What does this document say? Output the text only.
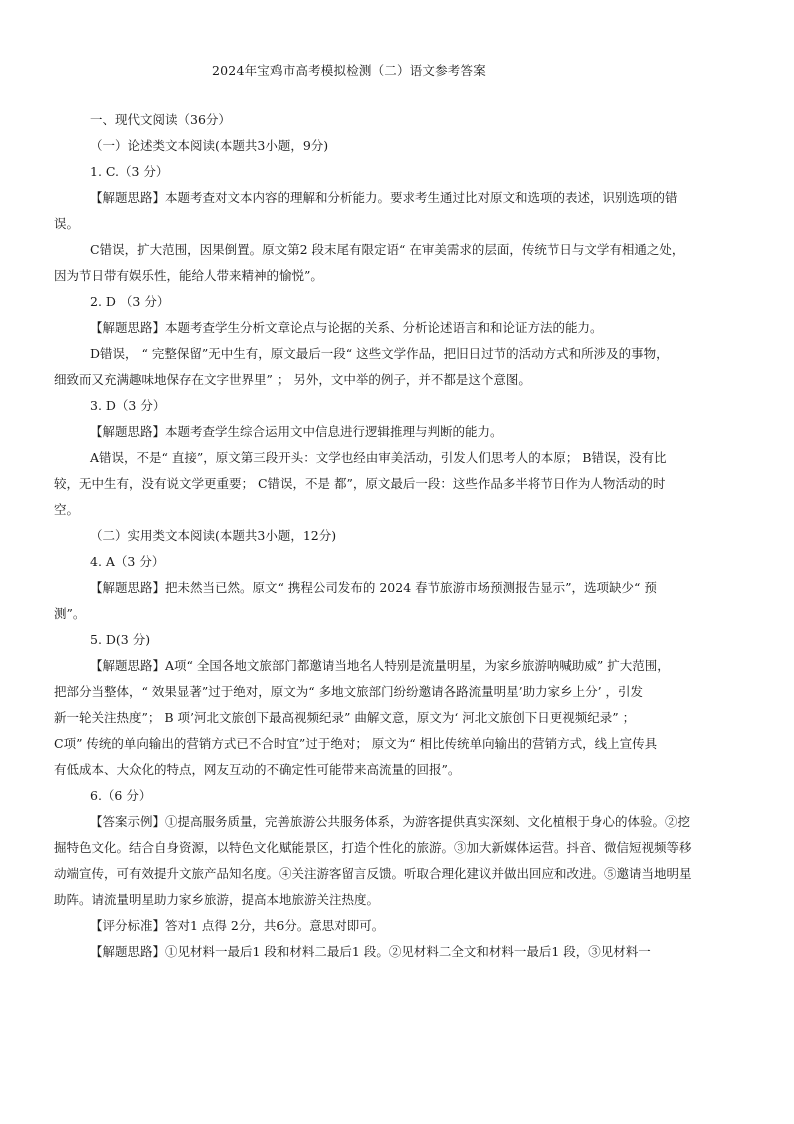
2024年宝鸡市高考模拟检测（二）语文参考答案
一、现代文阅读（36分）
（一）论述类文本阅读(本题共3小题，9分)
1. C.（3 分）
【解题思路】本题考查对文本内容的理解和分析能力。要求考生通过比对原文和选项的表述，识别选项的错
误。
C错误，扩大范围，因果倒置。原文第2 段末尾有限定语“ 在审美需求的层面，传统节日与文学有相通之处，
因为节日带有娱乐性，能给人带来精神的愉悦”。
2. D （3 分）
【解题思路】本题考查学生分析文章论点与论据的关系、分析论述语言和和论证方法的能力。
D错误， “ 完整保留”无中生有，原文最后一段“ 这些文学作品，把旧日过节的活动方式和所涉及的事物，
细致而又充满趣味地保存在文字世界里” ； 另外，文中举的例子，并不都是这个意图。
3. D（3 分）
【解题思路】本题考查学生综合运用文中信息进行逻辑推理与判断的能力。
A错误，不是“ 直接”，原文第三段开头：文学也经由审美活动，引发人们思考人的本原； B错误，没有比
较，无中生有，没有说文学更重要； C错误，不是 都”，原文最后一段：这些作品多半将节日作为人物活动的时
空。
（二）实用类文本阅读(本题共3小题，12分)
4. A（3 分）
【解题思路】把未然当已然。原文“ 携程公司发布的 2024 春节旅游市场预测报告显示”，选项缺少“ 预
测”。
5. D(3 分)
【解题思路】A项“ 全国各地文旅部门都邀请当地名人特别是流量明星，为家乡旅游呐喊助威” 扩大范围，
把部分当整体，“ 效果显著”过于绝对，原文为“ 多地文旅部门纷纷邀请各路流量明星’助力家乡上分’ ，引发
新一轮关注热度”； B 项’河北文旅创下最高视频纪录” 曲解文意，原文为‘ 河北文旅创下日更视频纪录” ；
C项” 传统的单向输出的营销方式已不合时宜”过于绝对； 原文为“ 相比传统单向输出的营销方式，线上宣传具
有低成本、大众化的特点，网友互动的不确定性可能带来高流量的回报”。
6.（6 分）
【答案示例】①提高服务质量，完善旅游公共服务体系，为游客提供真实深刻、文化植根于身心的体验。②挖
掘特色文化。结合自身资源，以特色文化赋能景区，打造个性化的旅游。③加大新媒体运营。抖音、微信短视频等移
动端宣传，可有效提升文旅产品知名度。④关注游客留言反馈。听取合理化建议并做出回应和改进。⑤邀请当地明星
助阵。请流量明星助力家乡旅游，提高本地旅游关注热度。
【评分标准】答对1 点得 2分，共6分。意思对即可。
【解题思路】①见材料一最后1 段和材料二最后1 段。②见材料二全文和材料一最后1 段，③见材料一
